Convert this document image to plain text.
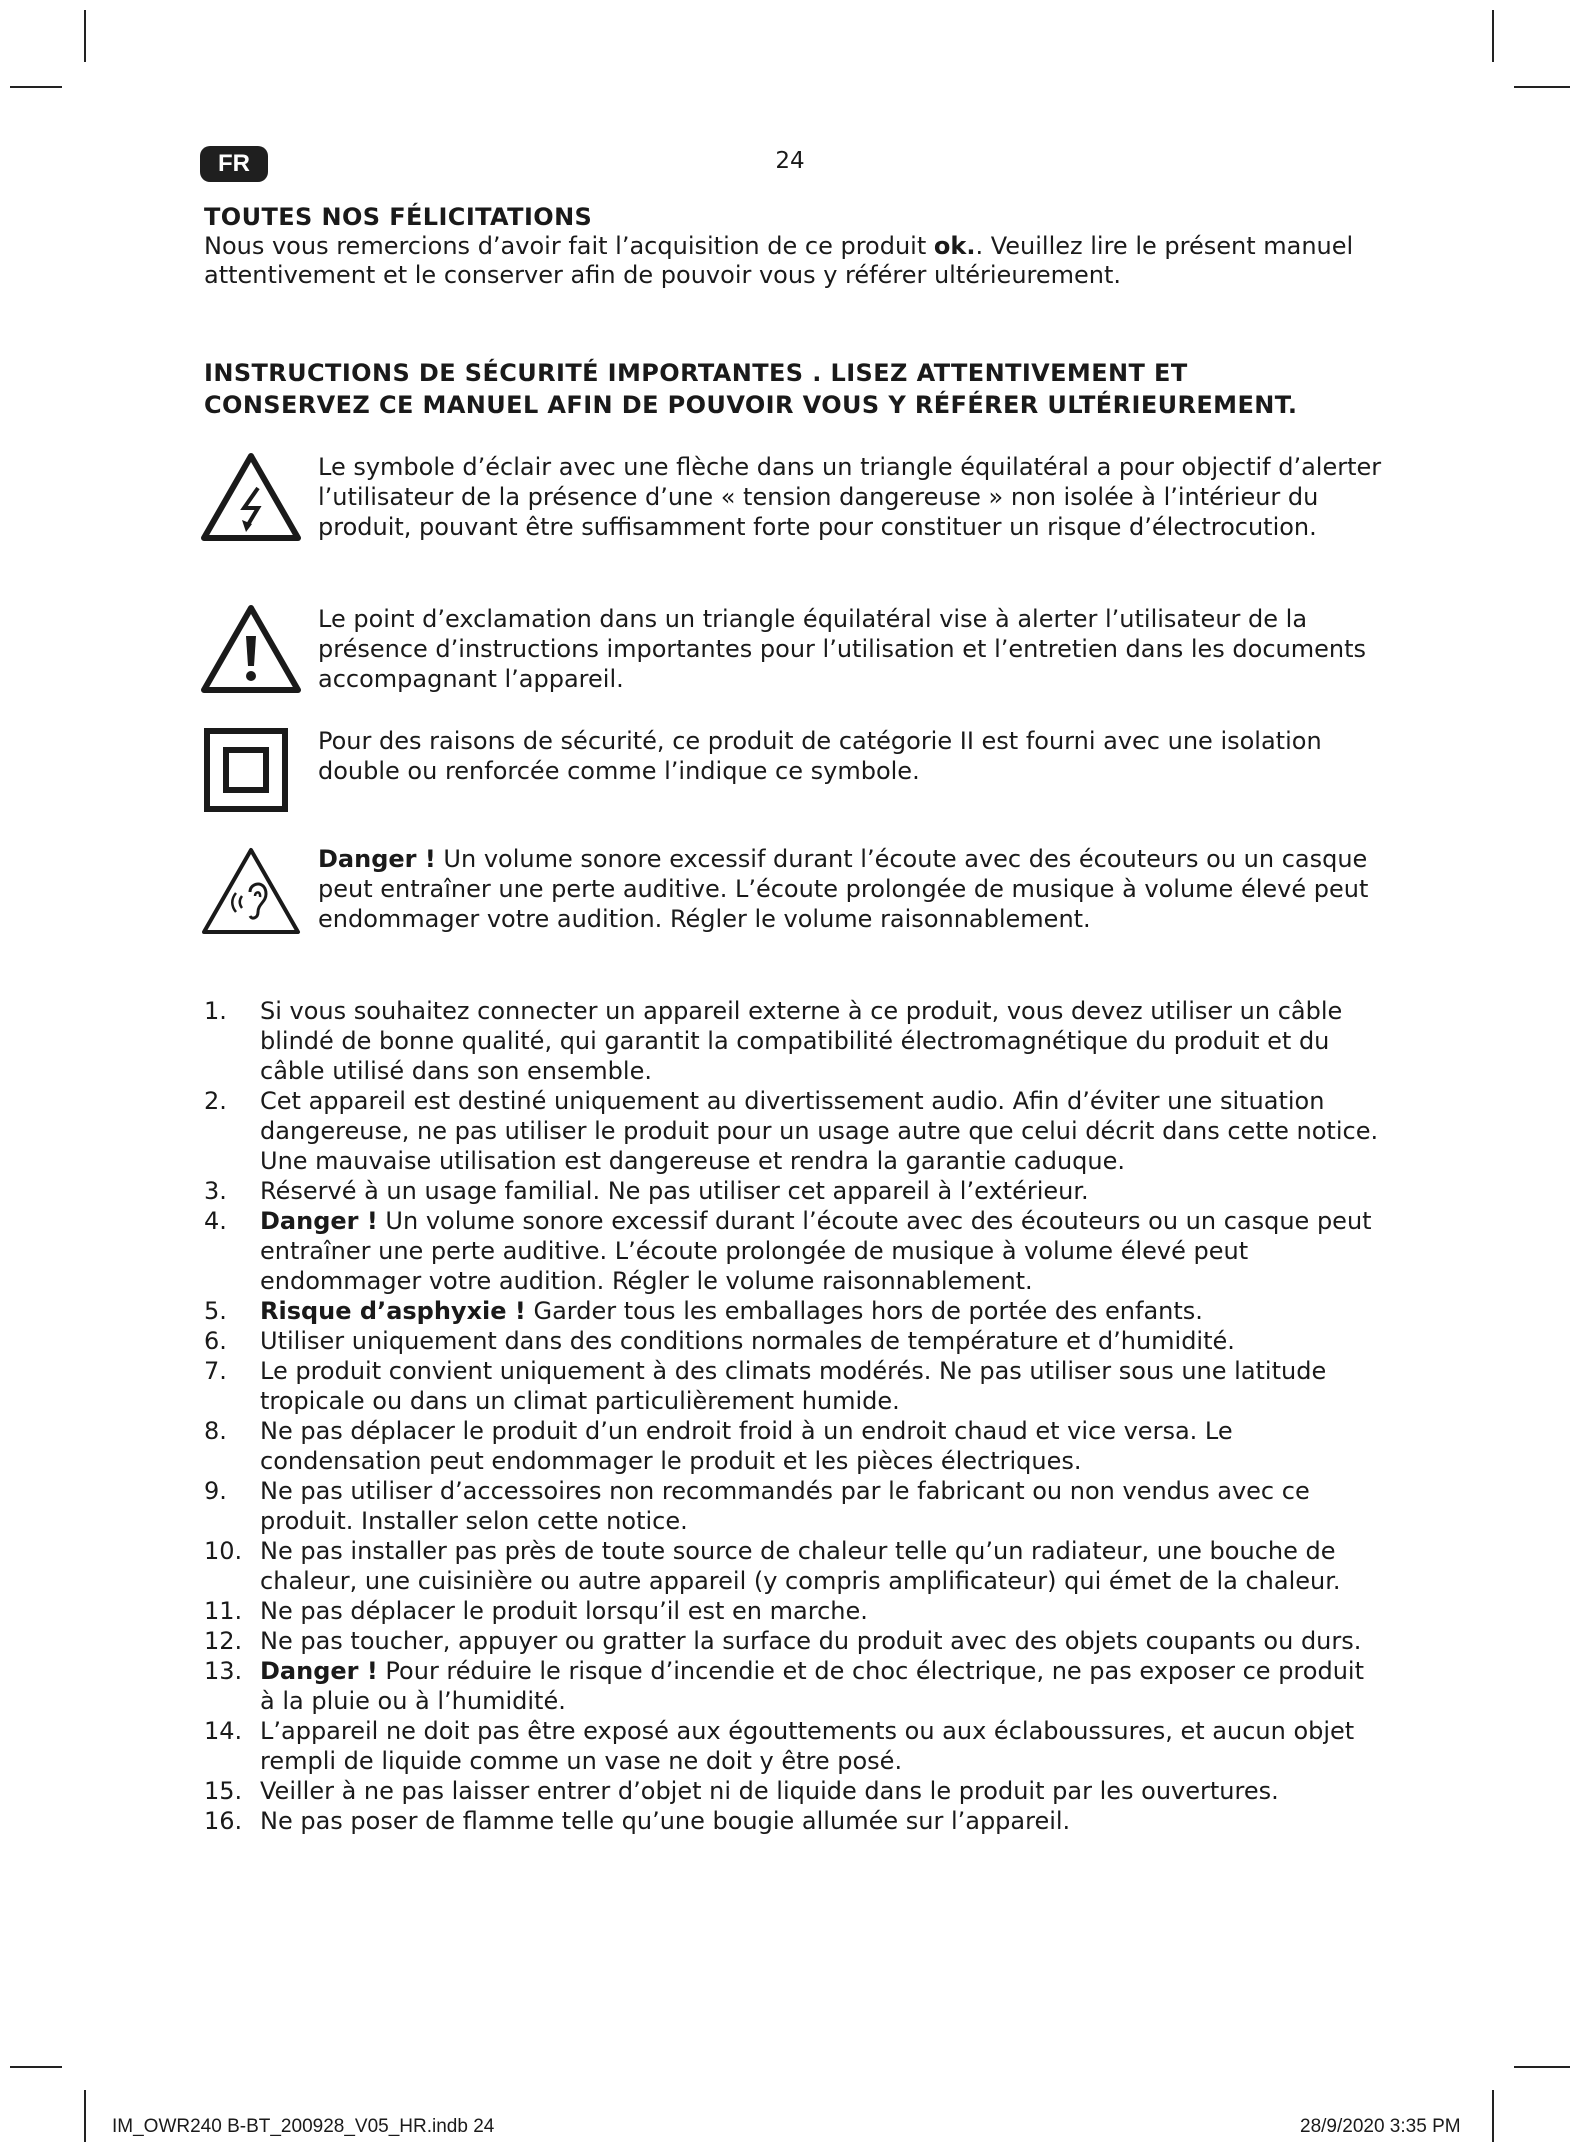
FR	24
TOUTES NOS FÉLICITATIONS
Nous vous remercions d’avoir fait l’acquisition de ce produit ok.. Veuillez lire le présent manuel attentivement et le conserver afin de pouvoir vous y référer ultérieurement.
INSTRUCTIONS DE SÉCURITÉ IMPORTANTES . LISEZ ATTENTIVEMENT ET
CONSERVEZ CE MANUEL AFIN DE POUVOIR VOUS Y RÉFÉRER ULTÉRIEUREMENT.
Le symbole d’éclair avec une flèche dans un triangle équilatéral a pour objectif d’alerter l’utilisateur de la présence d’une « tension dangereuse » non isolée à l’intérieur du produit, pouvant être suffisamment forte pour constituer un risque d’électrocution.
Le point d’exclamation dans un triangle équilatéral vise à alerter l’utilisateur de la présence d’instructions importantes pour l’utilisation et l’entretien dans les documents accompagnant l’appareil.
Pour des raisons de sécurité, ce produit de catégorie II est fourni avec une isolation double ou renforcée comme l’indique ce symbole.
Danger ! Un volume sonore excessif durant l’écoute avec des écouteurs ou un casque peut entraîner une perte auditive. L’écoute prolongée de musique à volume élevé peut endommager votre audition. Régler le volume raisonnablement.
1.	Si vous souhaitez connecter un appareil externe à ce produit, vous devez utiliser un câble blindé de bonne qualité, qui garantit la compatibilité électromagnétique du produit et du câble utilisé dans son ensemble.
2.	Cet appareil est destiné uniquement au divertissement audio. Afin d’éviter une situation dangereuse, ne pas utiliser le produit pour un usage autre que celui décrit dans cette notice. Une mauvaise utilisation est dangereuse et rendra la garantie caduque.
3.	Réservé à un usage familial. Ne pas utiliser cet appareil à l’extérieur.
4.	Danger ! Un volume sonore excessif durant l’écoute avec des écouteurs ou un casque peut entraîner une perte auditive. L’écoute prolongée de musique à volume élevé peut endommager votre audition. Régler le volume raisonnablement.
5.	Risque d’asphyxie ! Garder tous les emballages hors de portée des enfants.
6.	Utiliser uniquement dans des conditions normales de température et d’humidité.
7.	Le produit convient uniquement à des climats modérés. Ne pas utiliser sous une latitude tropicale ou dans un climat particulièrement humide.
8.	Ne pas déplacer le produit d’un endroit froid à un endroit chaud et vice versa. Le condensation peut endommager le produit et les pièces électriques.
9.	Ne pas utiliser d’accessoires non recommandés par le fabricant ou non vendus avec ce produit. Installer selon cette notice.
10. Ne pas installer pas près de toute source de chaleur telle qu’un radiateur, une bouche de chaleur, une cuisinière ou autre appareil (y compris amplificateur) qui émet de la chaleur.
11. Ne pas déplacer le produit lorsqu’il est en marche.
12. Ne pas toucher, appuyer ou gratter la surface du produit avec des objets coupants ou durs.
13. Danger ! Pour réduire le risque d’incendie et de choc électrique, ne pas exposer ce produit à la pluie ou à l’humidité.
14. L’appareil ne doit pas être exposé aux égouttements ou aux éclaboussures, et aucun objet rempli de liquide comme un vase ne doit y être posé.
15. Veiller à ne pas laisser entrer d’objet ni de liquide dans le produit par les ouvertures.
16. Ne pas poser de flamme telle qu’une bougie allumée sur l’appareil.
IM_OWR240 B-BT_200928_V05_HR.indb 24	28/9/2020 3:35 PM
